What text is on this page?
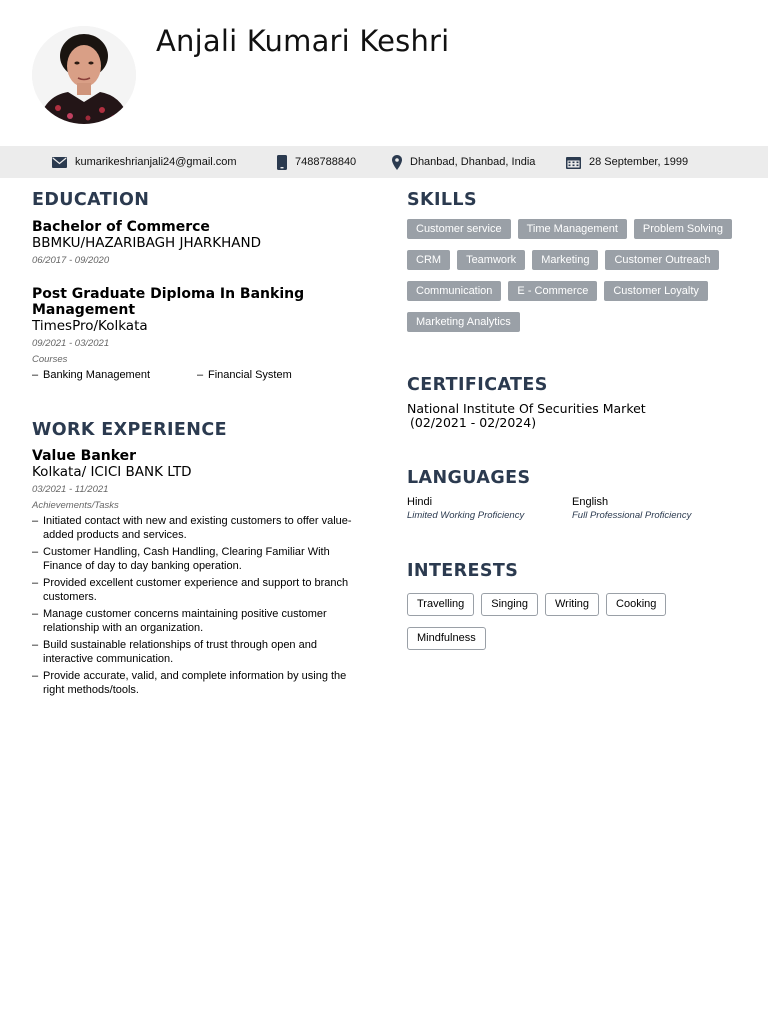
Anjali Kumari Keshri
kumarikeshrianjali24@gmail.com	7488788840	Dhanbad, Dhanbad, India	28 September, 1999
EDUCATION
Bachelor of Commerce
BBMKU/HAZARIBAGH JHARKHAND
06/2017 - 09/2020
Post Graduate Diploma In Banking Management
TimesPro/Kolkata
09/2021 - 03/2021
Courses
– Banking Management
–	Financial System
WORK EXPERIENCE
Value Banker
Kolkata/ ICICI BANK LTD
03/2021 - 11/2021
Achievements/Tasks
– Initiated contact with new and existing customers to offer value-added products and services.
– Customer Handling, Cash Handling, Clearing Familiar With Finance of day to day banking operation.
– Provided excellent customer experience and support to branch customers.
– Manage customer concerns maintaining positive customer relationship with an organization.
– Build sustainable relationships of trust through open and interactive communication.
– Provide accurate, valid, and complete information by using the right methods/tools.
SKILLS
Customer service	Time Management	Problem Solving
CRM	Teamwork	Marketing	Customer Outreach
Communication	E - Commerce	Customer Loyalty
Marketing Analytics
CERTIFICATES
National Institute Of Securities Market
(02/2021 - 02/2024)
LANGUAGES
Hindi
Limited Working Proficiency
English
Full Professional Proficiency
INTERESTS
Travelling	Singing	Writing	Cooking
Mindfulness
